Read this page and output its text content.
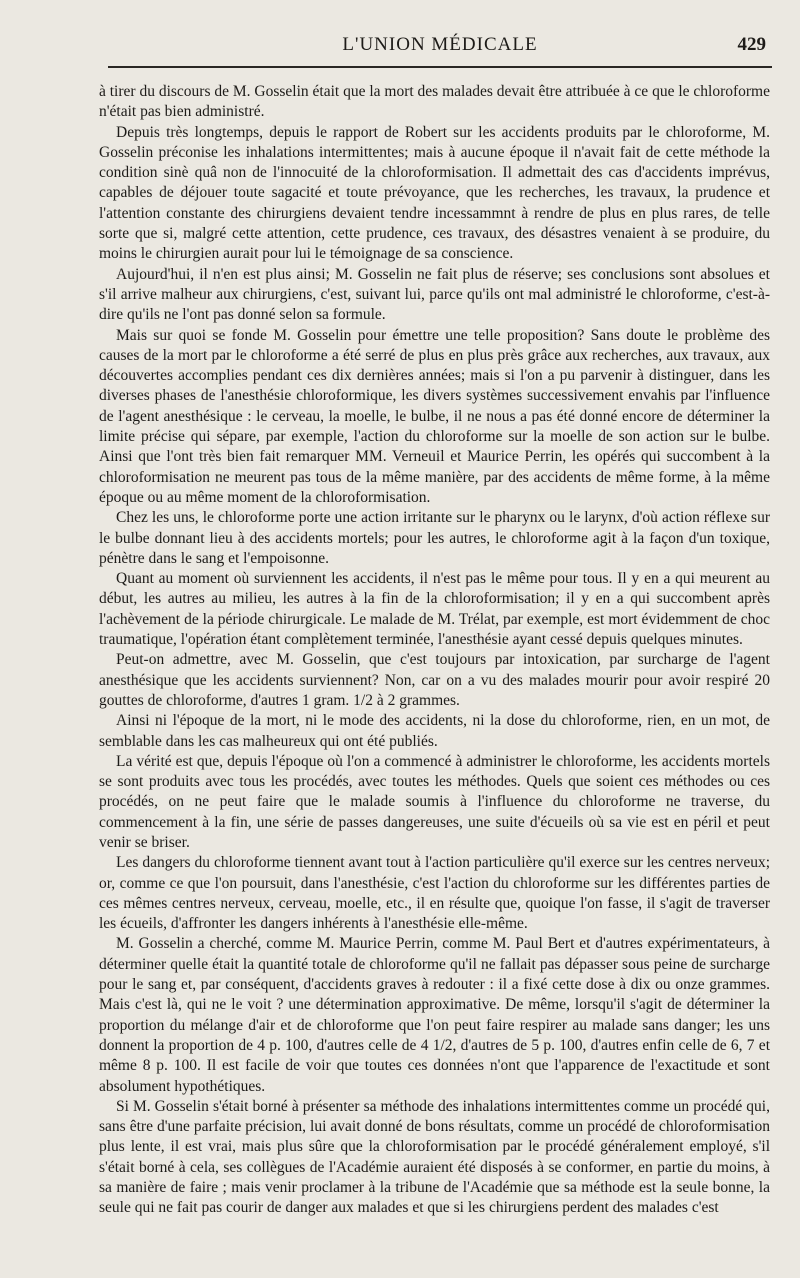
L'UNION MÉDICALE	429

à tirer du discours de M. Gosselin était que la mort des malades devait être attribuée à ce que le chloroforme n'était pas bien administré.

Depuis très longtemps, depuis le rapport de Robert sur les accidents produits par le chloroforme, M. Gosselin préconise les inhalations intermittentes; mais à aucune époque il n'avait fait de cette méthode la condition sinè quâ non de l'innocuité de la chloroformisation. Il admettait des cas d'accidents imprévus, capables de déjouer toute sagacité et toute prévoyance, que les recherches, les travaux, la prudence et l'attention constante des chirurgiens devaient tendre incessammnt à rendre de plus en plus rares, de telle sorte que si, malgré cette attention, cette prudence, ces travaux, des désastres venaient à se produire, du moins le chirurgien aurait pour lui le témoignage de sa conscience.

Aujourd'hui, il n'en est plus ainsi; M. Gosselin ne fait plus de réserve; ses conclusions sont absolues et s'il arrive malheur aux chirurgiens, c'est, suivant lui, parce qu'ils ont mal administré le chloroforme, c'est-à-dire qu'ils ne l'ont pas donné selon sa formule.

Mais sur quoi se fonde M. Gosselin pour émettre une telle proposition? Sans doute le problème des causes de la mort par le chloroforme a été serré de plus en plus près grâce aux recherches, aux travaux, aux découvertes accomplies pendant ces dix dernières années; mais si l'on a pu parvenir à distinguer, dans les diverses phases de l'anesthésie chloroformique, les divers systèmes successivement envahis par l'influence de l'agent anesthésique : le cerveau, la moelle, le bulbe, il ne nous a pas été donné encore de déterminer la limite précise qui sépare, par exemple, l'action du chloroforme sur la moelle de son action sur le bulbe. Ainsi que l'ont très bien fait remarquer MM. Verneuil et Maurice Perrin, les opérés qui succombent à la chloroformisation ne meurent pas tous de la même manière, par des accidents de même forme, à la même époque ou au même moment de la chloroformisation.

Chez les uns, le chloroforme porte une action irritante sur le pharynx ou le larynx, d'où action réflexe sur le bulbe donnant lieu à des accidents mortels; pour les autres, le chloroforme agit à la façon d'un toxique, pénètre dans le sang et l'empoisonne.

Quant au moment où surviennent les accidents, il n'est pas le même pour tous. Il y en a qui meurent au début, les autres au milieu, les autres à la fin de la chloroformisation; il y en a qui succombent après l'achèvement de la période chirurgicale. Le malade de M. Trélat, par exemple, est mort évidemment de choc traumatique, l'opération étant complètement terminée, l'anesthésie ayant cessé depuis quelques minutes.

Peut-on admettre, avec M. Gosselin, que c'est toujours par intoxication, par surcharge de l'agent anesthésique que les accidents surviennent? Non, car on a vu des malades mourir pour avoir respiré 20 gouttes de chloroforme, d'autres 1 gram. 1/2 à 2 grammes.

Ainsi ni l'époque de la mort, ni le mode des accidents, ni la dose du chloroforme, rien, en un mot, de semblable dans les cas malheureux qui ont été publiés.

La vérité est que, depuis l'époque où l'on a commencé à administrer le chloroforme, les accidents mortels se sont produits avec tous les procédés, avec toutes les méthodes. Quels que soient ces méthodes ou ces procédés, on ne peut faire que le malade soumis à l'influence du chloroforme ne traverse, du commencement à la fin, une série de passes dangereuses, une suite d'écueils où sa vie est en péril et peut venir se briser.

Les dangers du chloroforme tiennent avant tout à l'action particulière qu'il exerce sur les centres nerveux; or, comme ce que l'on poursuit, dans l'anesthésie, c'est l'action du chloroforme sur les différentes parties de ces mêmes centres nerveux, cerveau, moelle, etc., il en résulte que, quoique l'on fasse, il s'agit de traverser les écueils, d'affronter les dangers inhérents à l'anesthésie elle-même.

M. Gosselin a cherché, comme M. Maurice Perrin, comme M. Paul Bert et d'autres expérimentateurs, à déterminer quelle était la quantité totale de chloroforme qu'il ne fallait pas dépasser sous peine de surcharge pour le sang et, par conséquent, d'accidents graves à redouter : il a fixé cette dose à dix ou onze grammes. Mais c'est là, qui ne le voit ? une détermination approximative. De même, lorsqu'il s'agit de déterminer la proportion du mélange d'air et de chloroforme que l'on peut faire respirer au malade sans danger; les uns donnent la proportion de 4 p. 100, d'autres celle de 4 1/2, d'autres de 5 p. 100, d'autres enfin celle de 6, 7 et même 8 p. 100. Il est facile de voir que toutes ces données n'ont que l'apparence de l'exactitude et sont absolument hypothétiques.

Si M. Gosselin s'était borné à présenter sa méthode des inhalations intermittentes comme un procédé qui, sans être d'une parfaite précision, lui avait donné de bons résultats, comme un procédé de chloroformisation plus lente, il est vrai, mais plus sûre que la chloroformisation par le procédé généralement employé, s'il s'était borné à cela, ses collègues de l'Académie auraient été disposés à se conformer, en partie du moins, à sa manière de faire ; mais venir proclamer à la tribune de l'Académie que sa méthode est la seule bonne, la seule qui ne fait pas courir de danger aux malades et que si les chirurgiens perdent des malades c'est
